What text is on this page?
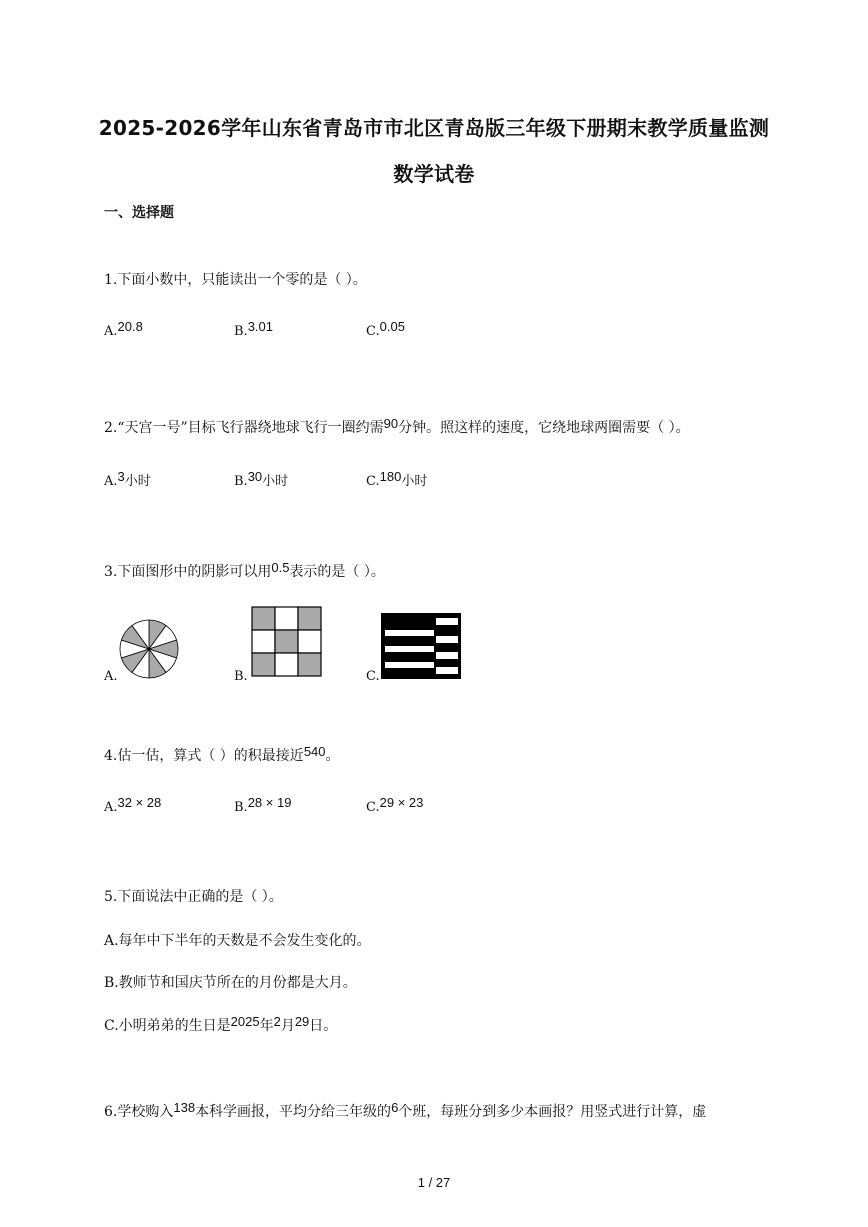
2025-2026学年山东省青岛市市北区青岛版三年级下册期末教学质量监测
数学试卷
一、选择题
1.下面小数中，只能读出一个零的是（ ）。
A.20.8	B.3.01	C.0.05
2.“天宫一号”目标飞行器绕地球飞行一圈约需90分钟。照这样的速度，它绕地球两圈需要（ ）。
A.3小时	B.30小时	C.180小时
3.下面图形中的阴影可以用0.5表示的是（ ）。
A.	B.	C.
4.估一估，算式（ ）的积最接近540。
A.32 × 28	B.28 × 19	C.29 × 23
5.下面说法中正确的是（ ）。
A.每年中下半年的天数是不会发生变化的。
B.教师节和国庆节所在的月份都是大月。
C.小明弟弟的生日是2025年2月29日。
6.学校购入138本科学画报，平均分给三年级的6个班，每班分到多少本画报？用竖式进行计算，虚
1 / 27
